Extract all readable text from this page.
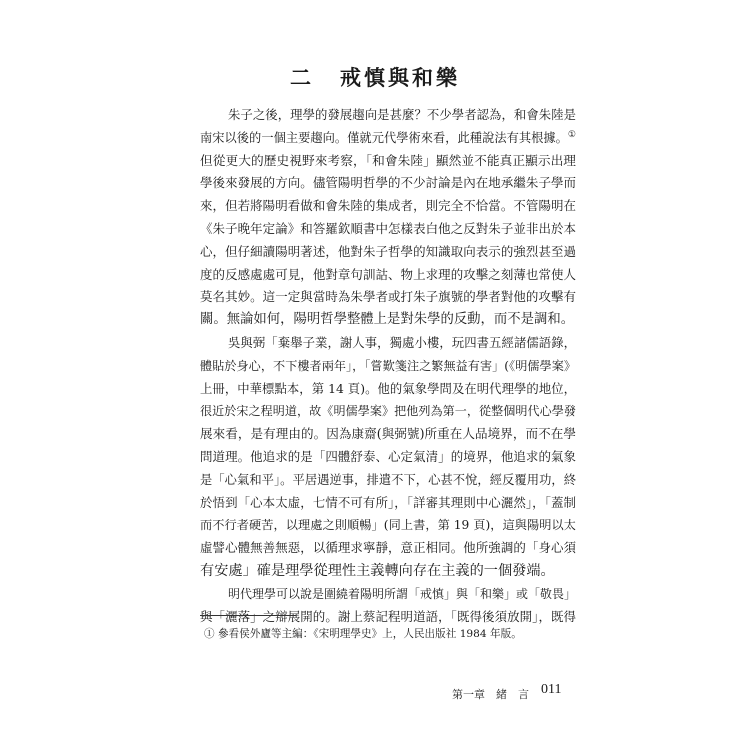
二 戒慎與和樂
朱子之後，理學的發展趨向是甚麼？不少學者認為，和會朱陸是
南宋以後的一個主要趨向。僅就元代學術來看，此種說法有其根據。①
但從更大的歷史視野來考察，「和會朱陸」顯然並不能真正顯示出理
學後來發展的方向。儘管陽明哲學的不少討論是內在地承繼朱子學而
來，但若將陽明看做和會朱陸的集成者，則完全不恰當。不管陽明在
《朱子晚年定論》和答羅欽順書中怎樣表白他之反對朱子並非出於本
心，但仔細讀陽明著述，他對朱子哲學的知識取向表示的強烈甚至過
度的反感處處可見，他對章句訓詁、物上求理的攻擊之刻薄也常使人
莫名其妙。這一定與當時為朱學者或打朱子旗號的學者對他的攻擊有
關。無論如何，陽明哲學整體上是對朱學的反動，而不是調和。
吳與弼「棄舉子業，謝人事，獨處小樓，玩四書五經諸儒語錄，
體貼於身心，不下樓者兩年」，「嘗歎箋注之繁無益有害」(《明儒學案》
上冊，中華標點本，第 14 頁)。他的氣象學問及在明代理學的地位，
很近於宋之程明道，故《明儒學案》把他列為第一，從整個明代心學發
展來看，是有理由的。因為康齋(與弼號)所重在人品境界，而不在學
問道理。他追求的是「四體舒泰、心定氣清」的境界，他追求的氣象
是「心氣和平」。平居遇逆事，排遣不下，心甚不悅，經反覆用功，終
於悟到「心本太虛，七情不可有所」，「詳審其理則中心灑然」，「蓋制
而不行者硬苦，以理處之則順暢」(同上書，第 19 頁)，這與陽明以太
虛譬心體無善無惡，以循理求寧靜，意正相同。他所強調的「身心須
有安處」確是理學從理性主義轉向存在主義的一個發端。
明代理學可以說是圍繞着陽明所謂「戒慎」與「和樂」或「敬畏」
與「灑落」之辯展開的。謝上蔡記程明道語，「既得後須放開」，既得
① 參看侯外廬等主編：《宋明理學史》上，人民出版社 1984 年版。
第一章　緒　言 011
